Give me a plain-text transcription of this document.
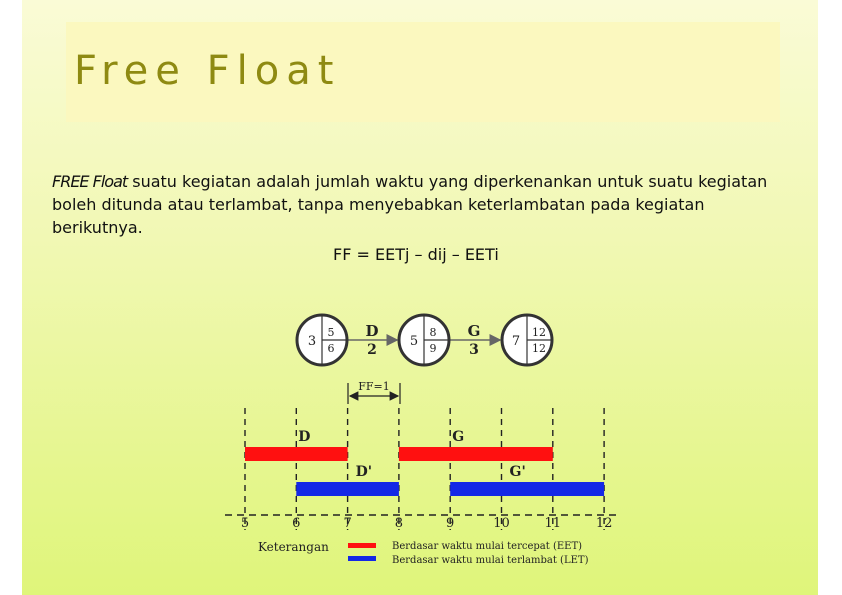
Free Float
FREE Float suatu kegiatan adalah jumlah waktu yang diperkenankan untuk suatu kegiatan boleh ditunda atau terlambat, tanpa menyebabkan keterlambatan pada kegiatan berikutnya.
FF = EETj – dij – EETi
D
2
G
3
3
5
6	5
8
9	7
12
12
FF=1
D	G
D'	G'
5	6	7	8	9	10	11	12
Keterangan	Berdasar waktu mulai tercepat (EET)
Berdasar waktu mulai terlambat (LET)
